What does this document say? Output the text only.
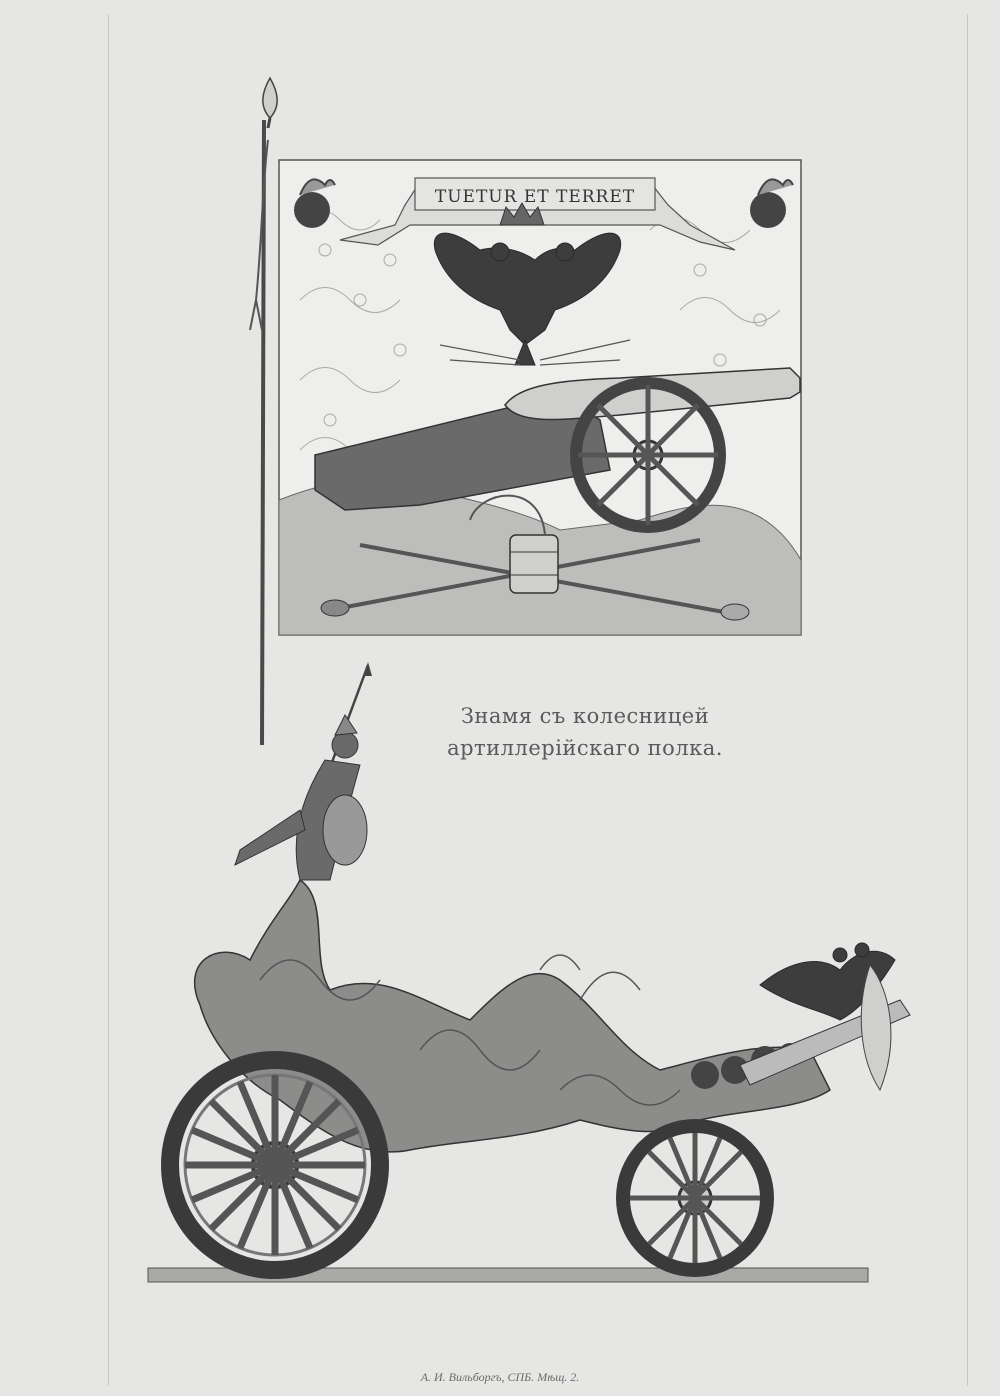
TUETUR ET TERRET
Знамя съ колесницей
артиллерійскаго полка.
А. И. Вильборгъ, СПБ. Мѣщ. 2.
